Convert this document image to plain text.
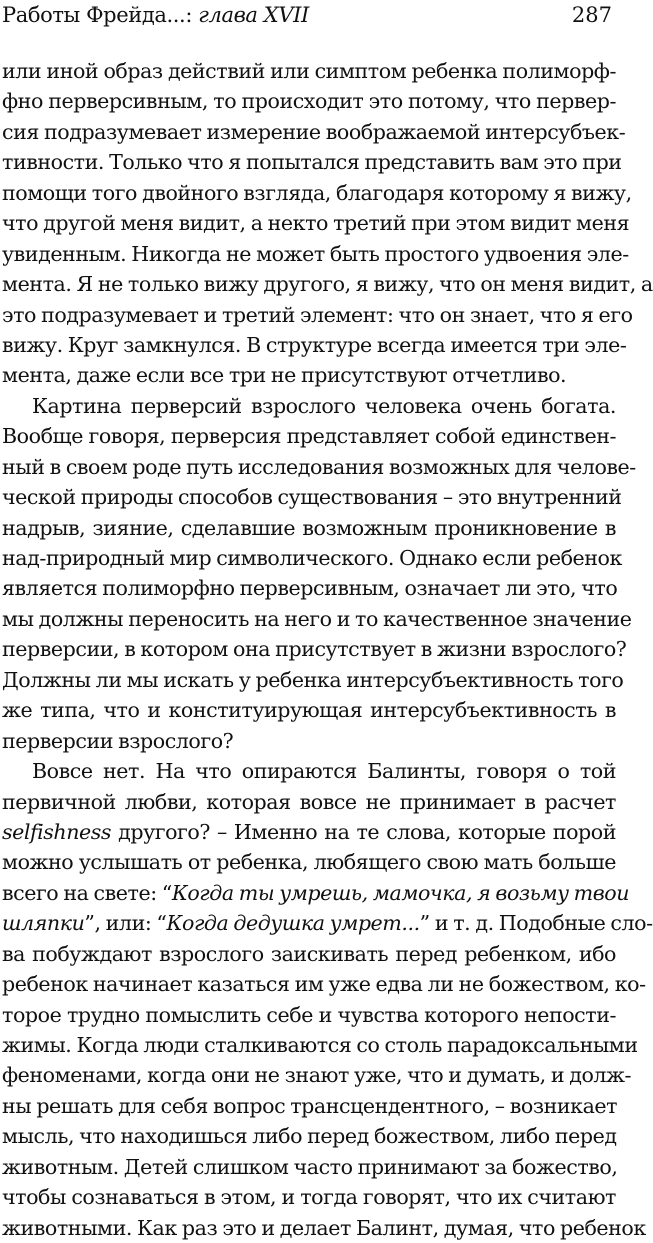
Работы Фрейда...: глава XVII	287
или иной образ действий или симптом ребенка полиморф-
фно перверсивным, то происходит это потому, что первер-
сия подразумевает измерение воображаемой интерсубъек-
тивности. Только что я попытался представить вам это при
помощи того двойного взгляда, благодаря которому я вижу,
что другой меня видит, а некто третий при этом видит меня
увиденным. Никогда не может быть простого удвоения эле-
мента. Я не только вижу другого, я вижу, что он меня видит, а
это подразумевает и третий элемент: что он знает, что я его
вижу. Круг замкнулся. В структуре всегда имеется три эле-
мента, даже если все три не присутствуют отчетливо.
Картина перверсий взрослого человека очень богата.
Вообще говоря, перверсия представляет собой единствен-
ный в своем роде путь исследования возможных для челове-
ческой природы способов существования – это внутренний
надрыв, зияние, сделавшие возможным проникновение в
над-природный мир символического. Однако если ребенок
является полиморфно перверсивным, означает ли это, что
мы должны переносить на него и то качественное значение
перверсии, в котором она присутствует в жизни взрослого?
Должны ли мы искать у ребенка интерсубъективность того
же типа, что и конституирующая интерсубъективность в
перверсии взрослого?
Вовсе нет. На что опираются Балинты, говоря о той
первичной любви, которая вовсе не принимает в расчет
selfishness другого? – Именно на те слова, которые порой
можно услышать от ребенка, любящего свою мать больше
всего на свете: “Когда ты умрешь, мамочка, я возьму твои
шляпки”, или: “Когда дедушка умрет...” и т. д. Подобные сло-
ва побуждают взрослого заискивать перед ребенком, ибо
ребенок начинает казаться им уже едва ли не божеством, ко-
торое трудно помыслить себе и чувства которого непости-
жимы. Когда люди сталкиваются со столь парадоксальными
феноменами, когда они не знают уже, что и думать, и долж-
ны решать для себя вопрос трансцендентного, – возникает
мысль, что находишься либо перед божеством, либо перед
животным. Детей слишком часто принимают за божество,
чтобы сознаваться в этом, и тогда говорят, что их считают
животными. Как раз это и делает Балинт, думая, что ребенок
